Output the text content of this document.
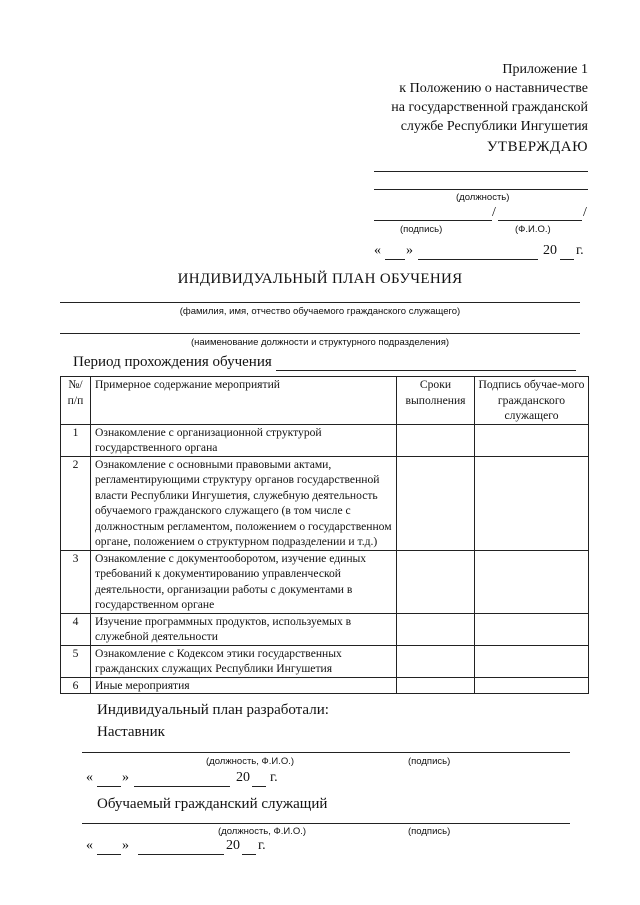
Приложение 1
к Положению о наставничестве
на государственной гражданской
службе Республики Ингушетия
УТВЕРЖДАЮ
(должность)
/	/
(подпись)	(Ф.И.О.)
« »	20 г.
ИНДИВИДУАЛЬНЫЙ ПЛАН ОБУЧЕНИЯ
(фамилия, имя, отчество обучаемого гражданского служащего)
(наименование должности и структурного подразделения)
Период прохождения обучения
№/ п/п	Примерное содержание мероприятий	Сроки выполнения	Подпись обучае-мого гражданского служащего
1	Ознакомление с организационной структурой государственного органа		
2	Ознакомление с основными правовыми актами, регламентирующими структуру органов государственной власти Республики Ингушетия, служебную деятельность обучаемого гражданского служащего (в том числе с должностным регламентом, положением о государственном органе, положением о структурном подразделении и т.д.)		
3	Ознакомление с документооборотом, изучение единых требований к документированию управленческой деятельности, организации работы с документами в государственном органе		
4	Изучение программных продуктов, используемых в служебной деятельности		
5	Ознакомление с Кодексом этики государственных гражданских служащих Республики Ингушетия		
6	Иные мероприятия		
Индивидуальный план разработали:
Наставник
(должность, Ф.И.О.)	(подпись)
« »	20 г.
Обучаемый гражданский служащий
(должность, Ф.И.О.)	(подпись)
« »	20 г.
